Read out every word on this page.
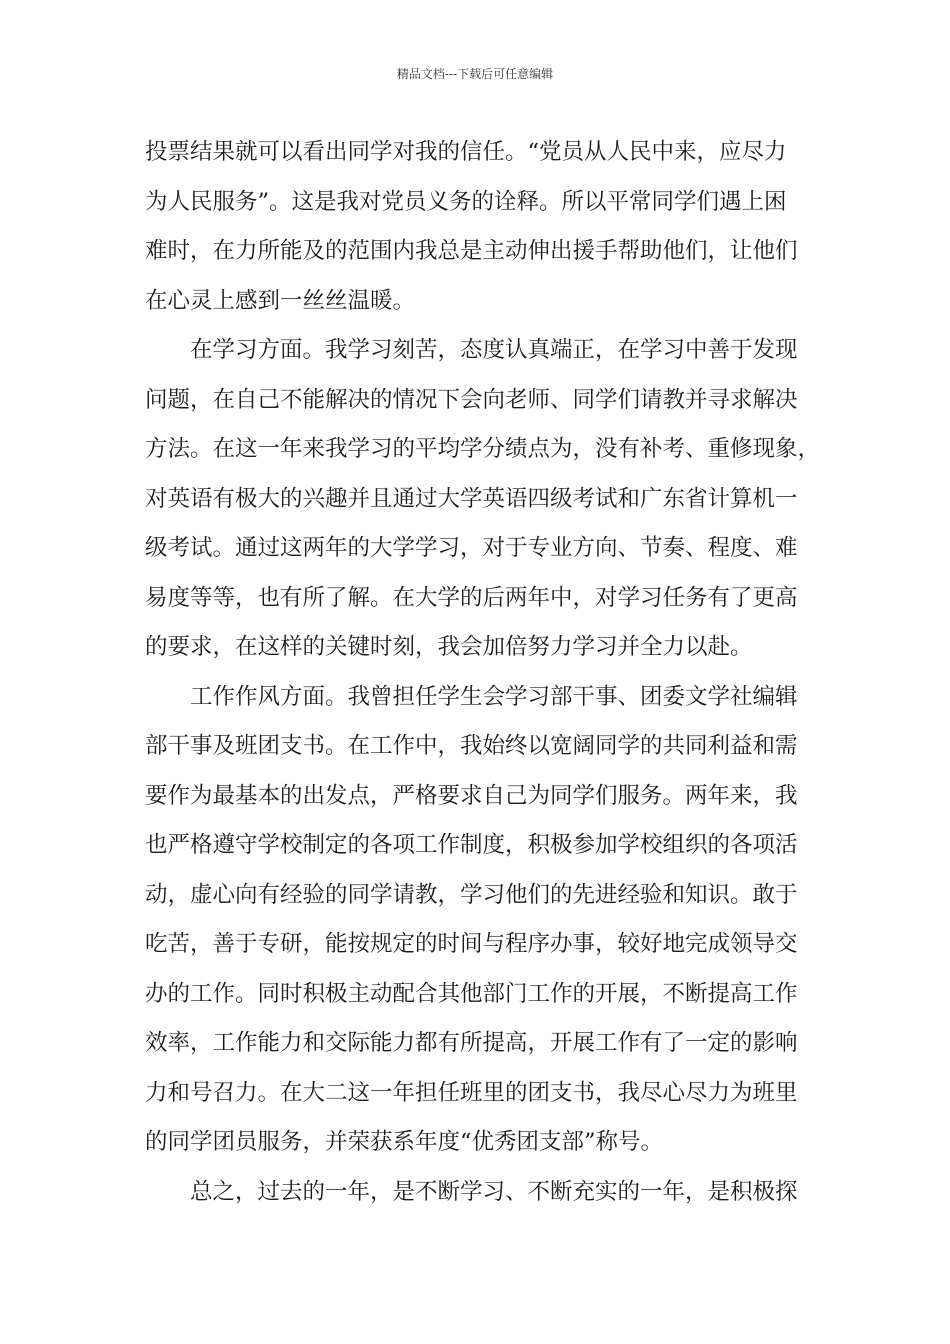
精品文档---下载后可任意编辑
投票结果就可以看出同学对我的信任。“党员从人民中来，应尽力
为人民服务”。这是我对党员义务的诠释。所以平常同学们遇上困
难时，在力所能及的范围内我总是主动伸出援手帮助他们，让他们
在心灵上感到一丝丝温暖。
在学习方面。我学习刻苦，态度认真端正，在学习中善于发现
问题，在自己不能解决的情况下会向老师、同学们请教并寻求解决
方法。在这一年来我学习的平均学分绩点为，没有补考、重修现象，
对英语有极大的兴趣并且通过大学英语四级考试和广东省计算机一
级考试。通过这两年的大学学习，对于专业方向、节奏、程度、难
易度等等，也有所了解。在大学的后两年中，对学习任务有了更高
的要求，在这样的关键时刻，我会加倍努力学习并全力以赴。
工作作风方面。我曾担任学生会学习部干事、团委文学社编辑
部干事及班团支书。在工作中，我始终以宽阔同学的共同利益和需
要作为最基本的出发点，严格要求自己为同学们服务。两年来，我
也严格遵守学校制定的各项工作制度，积极参加学校组织的各项活
动，虚心向有经验的同学请教，学习他们的先进经验和知识。敢于
吃苦，善于专研，能按规定的时间与程序办事，较好地完成领导交
办的工作。同时积极主动配合其他部门工作的开展，不断提高工作
效率，工作能力和交际能力都有所提高，开展工作有了一定的影响
力和号召力。在大二这一年担任班里的团支书，我尽心尽力为班里
的同学团员服务，并荣获系年度“优秀团支部”称号。
总之，过去的一年，是不断学习、不断充实的一年，是积极探
